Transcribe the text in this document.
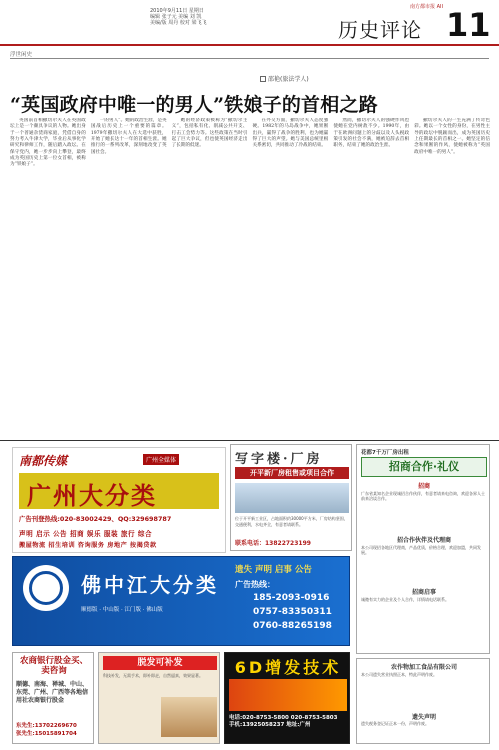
2010年9月11日 星期日
编辑 张子元 美编 刘 凯
美编/版 周丹 校对 梁飞飞
南方都市报 AII
历史评论 11
浮世闲史
邵艳(旅法学人)
“英国政府中唯一的男人”铁娘子的首相之路
英国前首相撒切尔夫人在英国政坛上是一个颇具争议的人物。她出身于一个普通杂货商家庭，凭借自身的努力考入牛津大学，毕业后从事化学研究和律师工作，随后踏入政坛。在保守党内，她一步步向上攀登，最终成为英国历史上第一位女首相，被称为“铁娘子”。
一的男人”。她的政治生涯，是英国战后历史上一个重要的篇章。1979年撒切尔夫人在大选中获胜，开始了她长达十一年的首相生涯。她推行的一系列改革，深刻地改变了英国社会。
她的经济政策被称为“撒切尔主义”，包括私有化、削减公共开支、打击工会势力等。这些政策在当时引起了巨大争议，但也使英国经济走出了长期的低迷。
在外交方面，撒切尔夫人态度强硬。1982年的马岛战争中，她果断出兵，赢得了战争的胜利，也为她赢得了巨大的声望。她与美国总统里根关系密切，共同推动了冷战的结束。
然而，撒切尔夫人的强硬作风也使她在党内树敌不少。1990年，由于在欧洲问题上的分歧以及人头税政策引发的社会不满，她被迫辞去首相职务，结束了她的政治生涯。
撒切尔夫人的一生充满了传奇色彩。她以一个女性的身份，在男性主导的政坛中脱颖而出，成为英国历史上任期最长的首相之一。她坚定的信念和果断的作风，使她被称为“英国政府中唯一的男人”。
南都传媒	广州全媒体
广州大分类
广告刊登热线:020-83002429、QQ:329698787
声明 启示 公告 招商 娱乐 服装 旅行 综合
搬屋物流 招生培训 咨询服务 房地产 按揭贷款
写字楼·厂房
开平新厂房租售或项目合作
位于开平新工业区，占地面积约30000平方米，厂房结构坚固，交通便利，水电齐全，有意者请联系。
联系电话：13822723199
花都7千万厂房出租
招商合作·礼仪
招商
广东省某知名企业现诚招合作伙伴，有意者请来电咨询，欢迎各界人士前来洽谈合作。
招合作伙伴及代理商
本公司现招各地区代理商，产品优质，价格合理，欢迎加盟，共同发展。
招商启事
诚邀有实力的企业及个人合作，详情请电话联系。
佛中江大分类
顺德版 · 中山版 · 江门版 · 佛山版
遗失 声明 启事 公告
广告热线：
185-2093-0916
0757-83350311
0760-88265198
农商银行股金买、卖咨询
顺德、南海、禅城、中山、东莞、广州、广西等各地信用社农商银行股金
东先生:13702269670
张先生:15015891704
脱发可补发
科技补发，无需手术，即补即走，自然逼真，效果显著。	6D增发技术
电话:020-8753-5800 020-8753-5803
手机:13925058237 地址:广州
农作物加工食品有限公司
本公司遗失营业执照正本，特此声明作废。
遗失声明
遗失税务登记证正本一份，声明作废。
